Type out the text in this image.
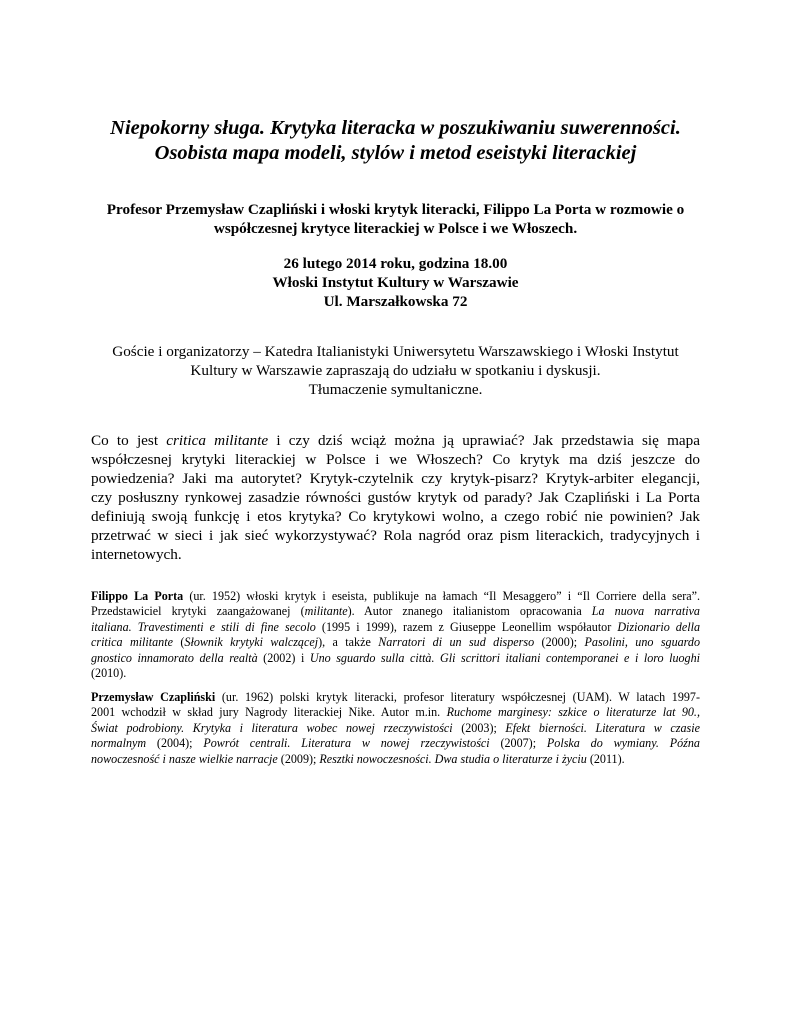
Niepokorny sługa. Krytyka literacka w poszukiwaniu suwerenności.
Osobista mapa modeli, stylów i metod eseistyki literackiej
Profesor Przemysław Czapliński i włoski krytyk literacki, Filippo La Porta w rozmowie o
współczesnej krytyce literackiej w Polsce i we Włoszech.
26 lutego 2014 roku, godzina 18.00
Włoski Instytut Kultury w Warszawie
Ul. Marszałkowska 72
Goście i organizatorzy – Katedra Italianistyki Uniwersytetu Warszawskiego i Włoski Instytut
Kultury w Warszawie zapraszają do udziału w spotkaniu i dyskusji.
Tłumaczenie symultaniczne.
Co to jest critica militante i czy dziś wciąż można ją uprawiać? Jak przedstawia się mapa
współczesnej krytyki literackiej w Polsce i we Włoszech? Co krytyk ma dziś jeszcze do
powiedzenia? Jaki ma autorytet? Krytyk-czytelnik czy krytyk-pisarz? Krytyk-arbiter elegancji,
czy posłuszny rynkowej zasadzie równości gustów krytyk od parady? Jak Czapliński i La Porta
definiują swoją funkcję i etos krytyka? Co krytykowi wolno, a czego robić nie powinien? Jak
przetrwać w sieci i jak sieć wykorzystywać? Rola nagród oraz pism literackich, tradycyjnych i
internetowych.
Filippo La Porta (ur. 1952) włoski krytyk i eseista, publikuje na łamach “Il Mesaggero” i “Il Corriere della sera”.
Przedstawiciel krytyki zaangażowanej (militante). Autor znanego italianistom opracowania La nuova narrativa
italiana. Travestimenti e stili di fine secolo (1995 i 1999), razem z Giuseppe Leonellim współautor Dizionario della
critica militante (Słownik krytyki walczącej), a także Narratori di un sud disperso (2000); Pasolini, uno sguardo
gnostico innamorato della realtà (2002) i Uno sguardo sulla città. Gli scrittori italiani contemporanei e i loro luoghi
(2010).
Przemysław Czapliński (ur. 1962) polski krytyk literacki, profesor literatury współczesnej (UAM). W latach 1997-
2001 wchodził w skład jury Nagrody literackiej Nike. Autor m.in. Ruchome marginesy: szkice o literaturze lat 90.,
Świat podrobiony. Krytyka i literatura wobec nowej rzeczywistości (2003); Efekt bierności. Literatura w czasie
normalnym (2004); Powrót centrali. Literatura w nowej rzeczywistości (2007); Polska do wymiany. Późna
nowoczesność i nasze wielkie narracje (2009); Resztki nowoczesności. Dwa studia o literaturze i życiu (2011).
